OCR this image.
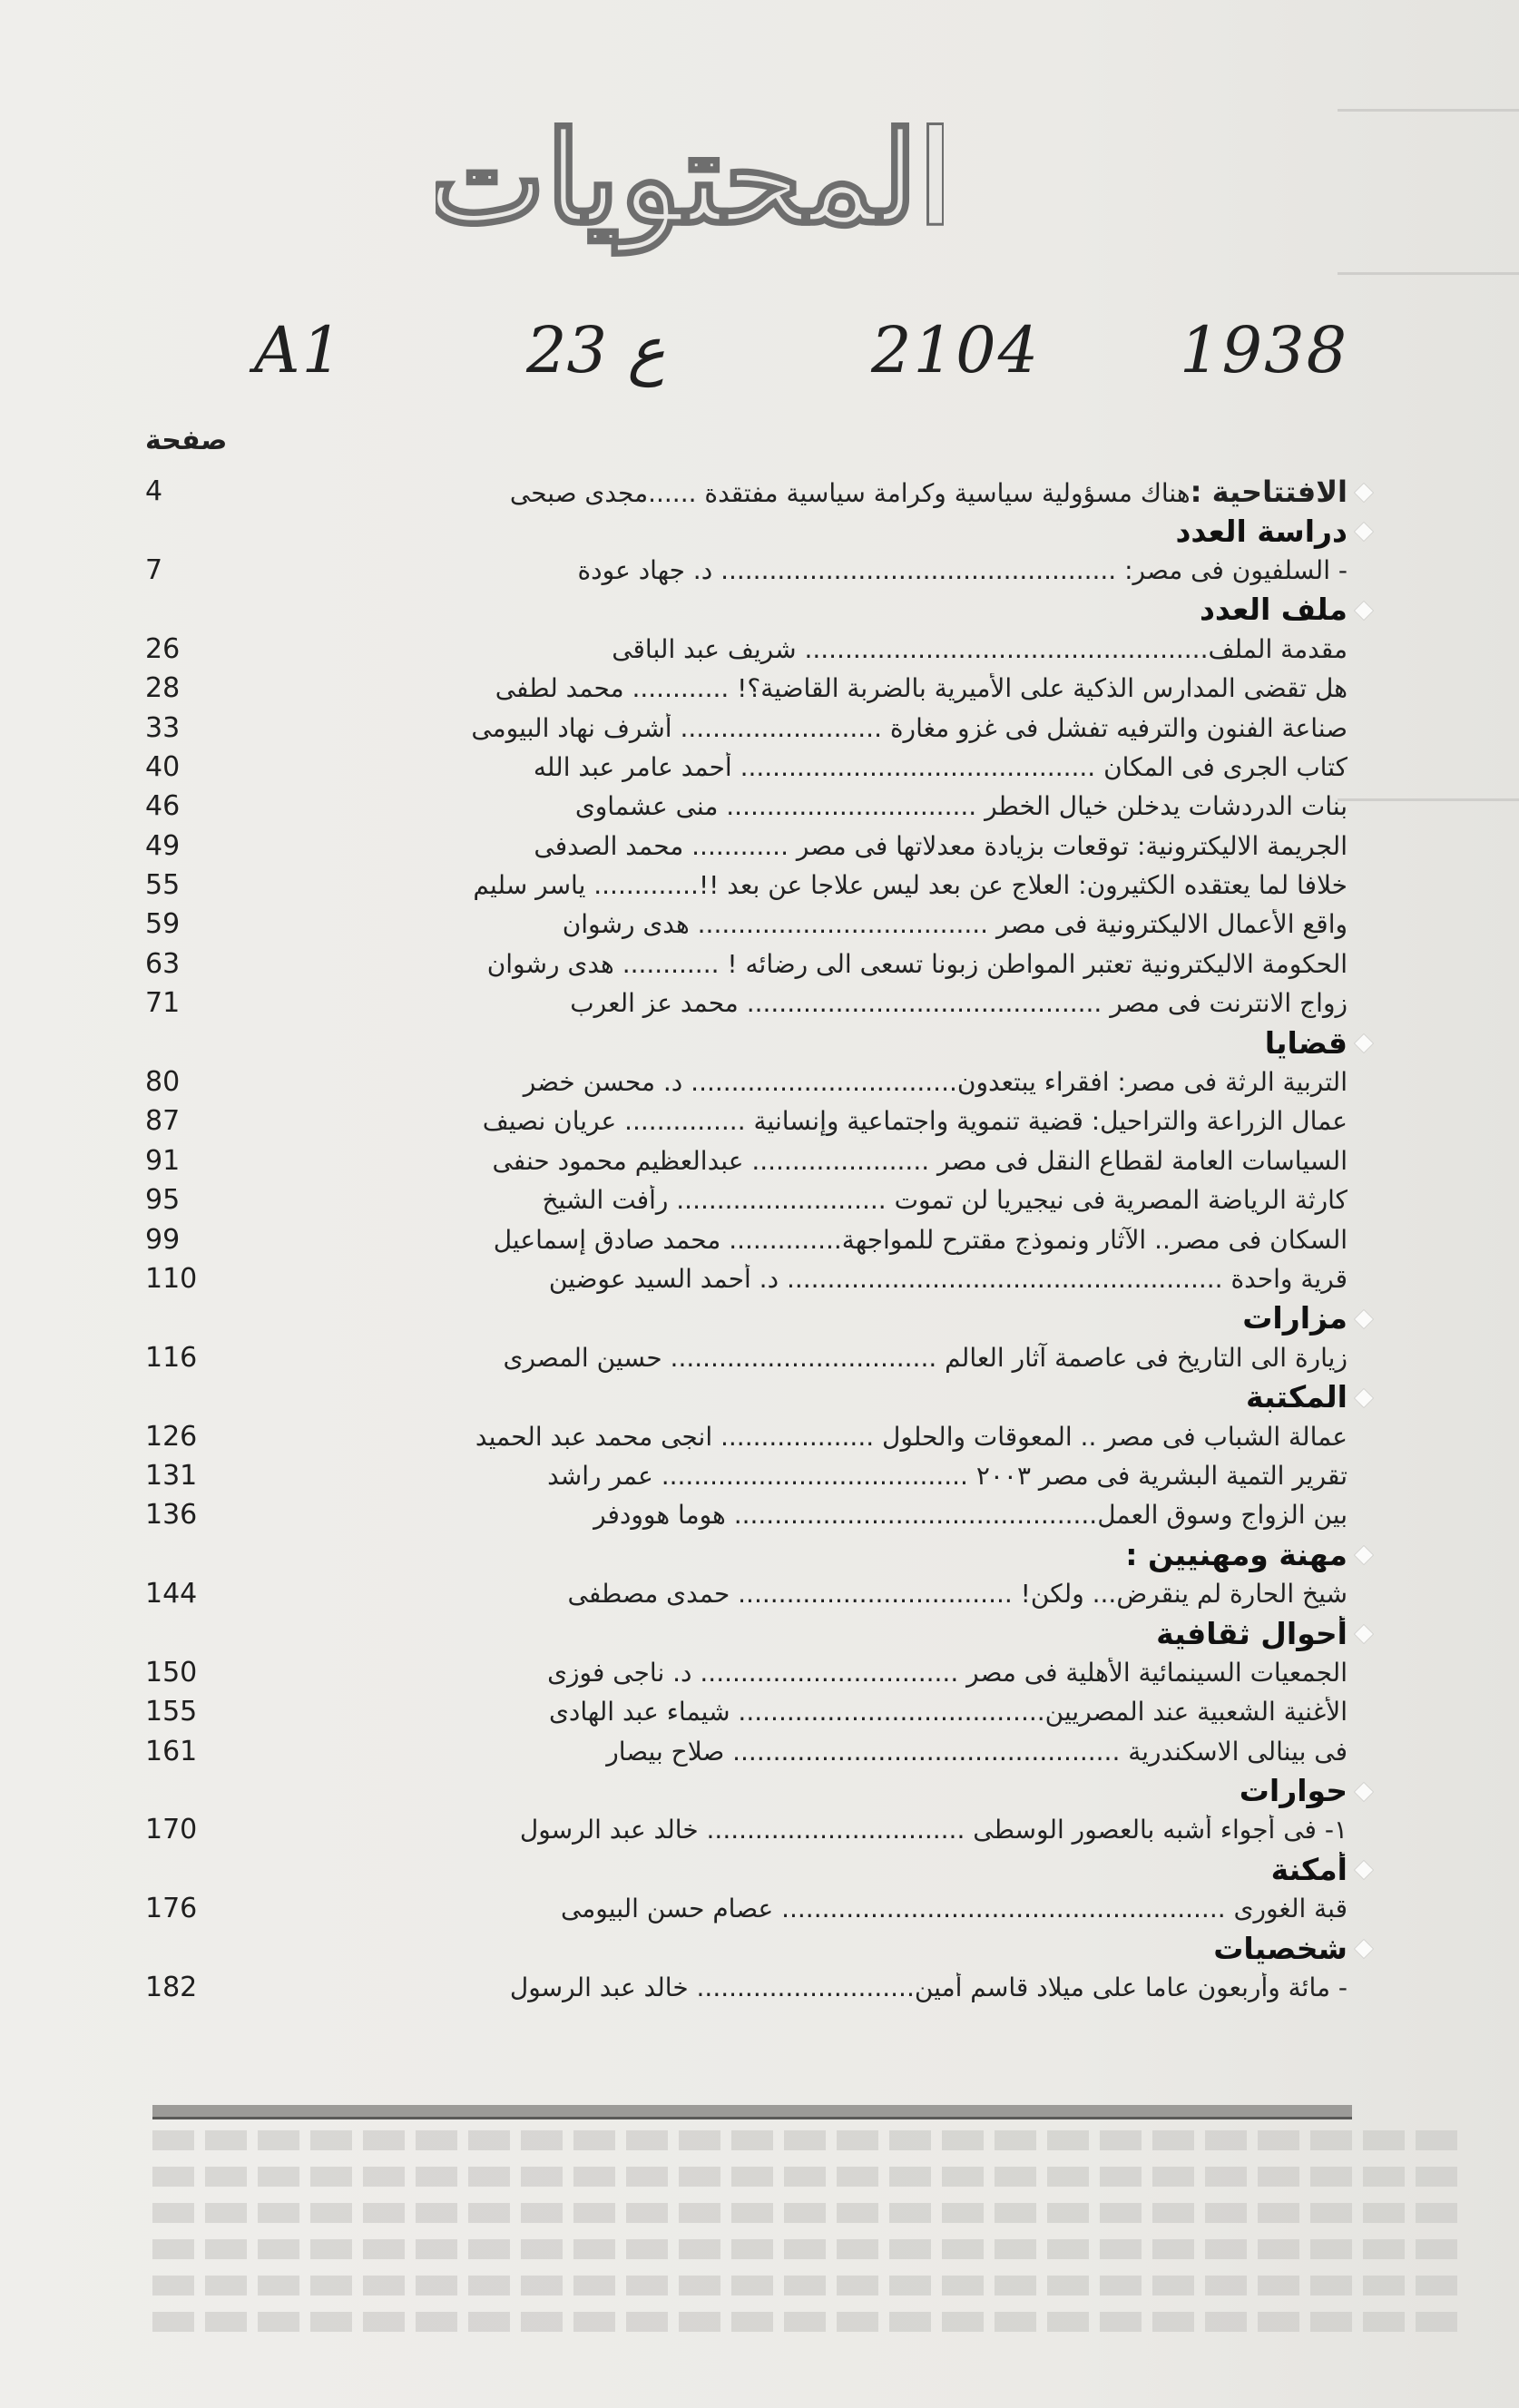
المحتويات
A1	23 ع	2104 1938
صفحة
4	الافتتاحية :هناك مسؤولية سياسية وكرامة سياسية مفتقدة ......مجدى صبحى
دراسة العدد
7	- السلفيون فى مصر: ................................................. د. جهاد عودة
ملف العدد
26	مقدمة الملف.................................................. شريف عبد الباقى
28	هل تقضى المدارس الذكية على الأميرية بالضربة القاضية؟! ............ محمد لطفى
33	صناعة الفنون والترفيه تفشل فى غزو مغارة ......................... أشرف نهاد البيومى
40	كتاب الجرى فى المكان ............................................ أحمد عامر عبد الله
46	بنات الدردشات يدخلن خيال الخطر ............................... منى عشماوى
49	الجريمة الاليكترونية: توقعات بزيادة معدلاتها فى مصر ............ محمد الصدفى
55	خلافا لما يعتقده الكثيرون: العلاج عن بعد ليس علاجا عن بعد !!............. ياسر سليم
59	واقع الأعمال الاليكترونية فى مصر .................................... هدى رشوان
63	الحكومة الاليكترونية تعتبر المواطن زبونا تسعى الى رضائه ! ............ هدى رشوان
71	زواج الانترنت فى مصر ............................................ محمد عز العرب
قضايا
80	التربية الرثة فى مصر: افقراء يبتعدون................................. د. محسن خضر
87	عمال الزراعة والتراحيل: قضية تنموية واجتماعية وإنسانية ............... عريان نصيف
91	السياسات العامة لقطاع النقل فى مصر ...................... عبدالعظيم محمود حنفى
95	كارثة الرياضة المصرية فى نيجيريا لن تموت .......................... رأفت الشيخ
99	السكان فى مصر.. الآثار ونموذج مقترح للمواجهة.............. محمد صادق إسماعيل
110	قرية واحدة ...................................................... د. أحمد السيد عوضين
مزارات
116	زيارة الى التاريخ فى عاصمة آثار العالم ................................. حسين المصرى
المكتبة
126	عمالة الشباب فى مصر .. المعوقات والحلول ................... انجى محمد عبد الحميد
131	تقرير التمية البشرية فى مصر ٢٠٠٣ ...................................... عمر راشد
136	بين الزواج وسوق العمل............................................. هوما هوودفر
مهنة ومهنيين :
144	شيخ الحارة لم ينقرض... ولكن! .................................. حمدى مصطفى
أحوال ثقافية
150	الجمعيات السينمائية الأهلية فى مصر ................................ د. ناجى فوزى
155	الأغنية الشعبية عند المصريين...................................... شيماء عبد الهادى
161	فى بينالى الاسكندرية ................................................ صلاح بيصار
حوارات
170	١- فى أجواء أشبه بالعصور الوسطى ................................ خالد عبد الرسول
أمكنة
176	قبة الغورى ....................................................... عصام حسن البيومى
شخصيات
182	- مائة وأربعون عاما على ميلاد قاسم أمين........................... خالد عبد الرسول
